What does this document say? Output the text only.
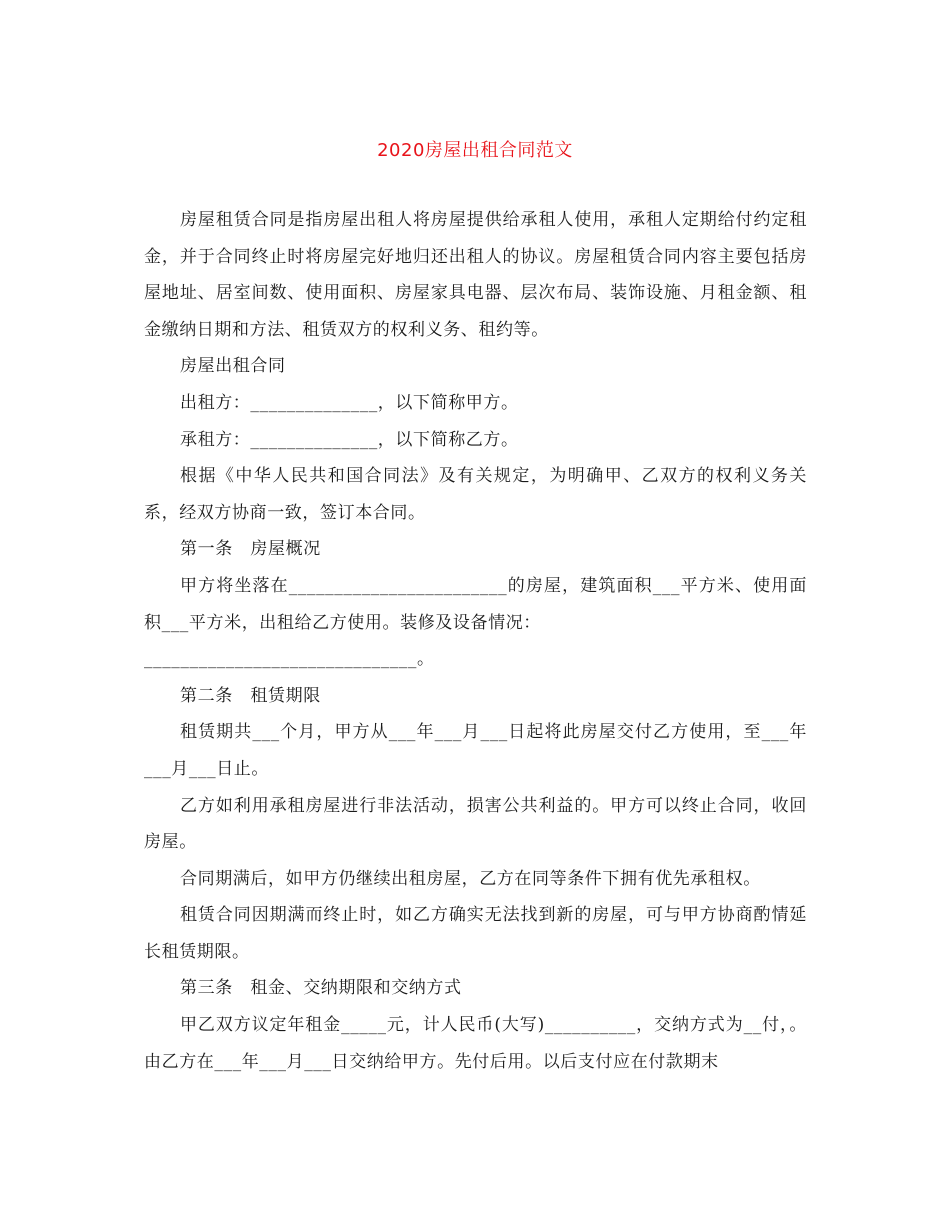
2020房屋出租合同范文

房屋租赁合同是指房屋出租人将房屋提供给承租人使用，承租人定期给付约定租金，并于合同终止时将房屋完好地归还出租人的协议。房屋租赁合同内容主要包括房屋地址、居室间数、使用面积、房屋家具电器、层次布局、装饰设施、月租金额、租金缴纳日期和方法、租赁双方的权利义务、租约等。

房屋出租合同

出租方：______________，以下简称甲方。

承租方：______________，以下简称乙方。

根据《中华人民共和国合同法》及有关规定，为明确甲、乙双方的权利义务关系，经双方协商一致，签订本合同。

第一条　房屋概况

甲方将坐落在________________________的房屋，建筑面积___平方米、使用面积___平方米，出租给乙方使用。装修及设备情况：

______________________________。

第二条　租赁期限

租赁期共___个月，甲方从___年___月___日起将此房屋交付乙方使用，至___年___月___日止。

乙方如利用承租房屋进行非法活动，损害公共利益的。甲方可以终止合同，收回房屋。

合同期满后，如甲方仍继续出租房屋，乙方在同等条件下拥有优先承租权。

租赁合同因期满而终止时，如乙方确实无法找到新的房屋，可与甲方协商酌情延长租赁期限。

第三条　租金、交纳期限和交纳方式

甲乙双方议定年租金_____元，计人民币(大写)__________，交纳方式为__付，。由乙方在___年___月___日交纳给甲方。先付后用。以后支付应在付款期末
